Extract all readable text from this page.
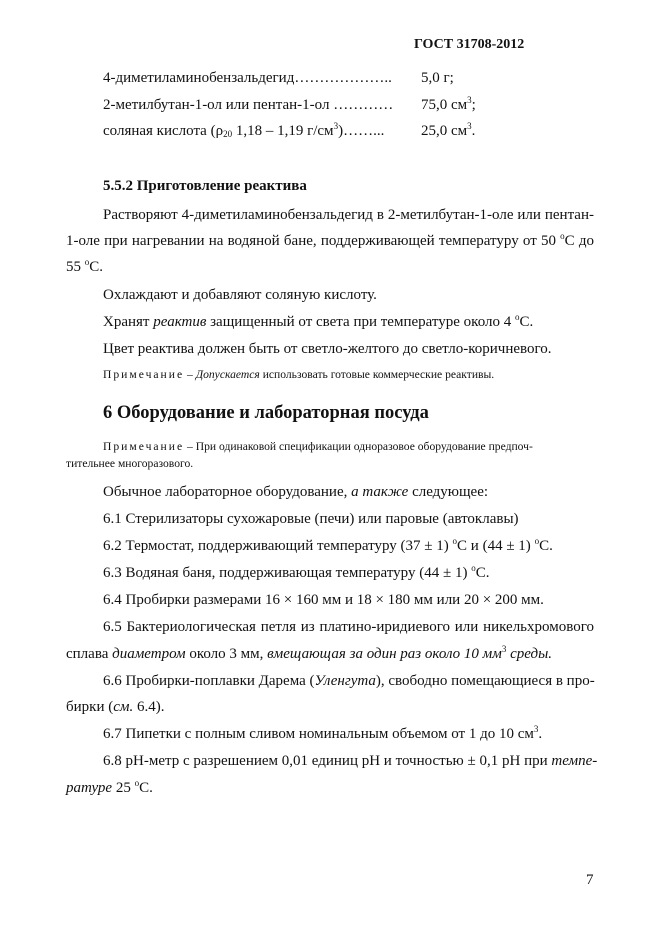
ГОСТ 31708-2012
4-диметиламинобензальдегид……………….. 5,0 г;
2-метилбутан-1-ол или пентан-1-ол ………… 75,0 $см^3$;
соляная кислота ($\rho_{20}$ 1,18 – 1,19 $г/см^3)\dots\dots$... 25,0 $см^3$.
5.5.2 Приготовление реактива
Растворяют 4-диметиламинобензальдегид в 2-метилбутан-1-оле или пентан-
1-оле при нагревании на водяной бане, поддерживающей температуру от 50 $^o$С до
55 $^o$С.
Охлаждают и добавляют соляную кислоту.
Хранят реактив защищенный от света при температуре около 4 $^o$С.
Цвет реактива должен быть от светло-желтого до светло-коричневого.
Примечание – Допускается использовать готовые коммерческие реактивы.
6 Оборудование и лабораторная посуда
Примечание – При одинаковой спецификации одноразовое оборудование предпоч-
тительнее многоразового.
Обычное лабораторное оборудование, а также следующее:
6.1 Стерилизаторы сухожаровые (печи) или паровые (автоклавы)
6.2 Термостат, поддерживающий температуру (37 ± 1) $^o$С и (44 ± 1) $^o$С.
6.3 Водяная баня, поддерживающая температуру (44 ± 1) $^o$С.
6.4 Пробирки размерами 16 × 160 мм и 18 × 180 мм или 20 × 200 мм.
6.5 Бактериологическая петля из платино-иридиевого или никельхромового
сплава диаметром около 3 мм, вмещающая за один раз около 10 $мм^3$ среды.
6.6 Пробирки-поплавки Дарема (Уленгута), свободно помещающиеся в про-
бирки (см. 6.4).
6.7 Пипетки с полным сливом номинальным объемом от 1 до 10 $см^3$.
6.8 рН-метр с разрешением 0,01 единиц рН и точностью ± 0,1 рН при темпе-
ратуре 25 $^o$С.
7
